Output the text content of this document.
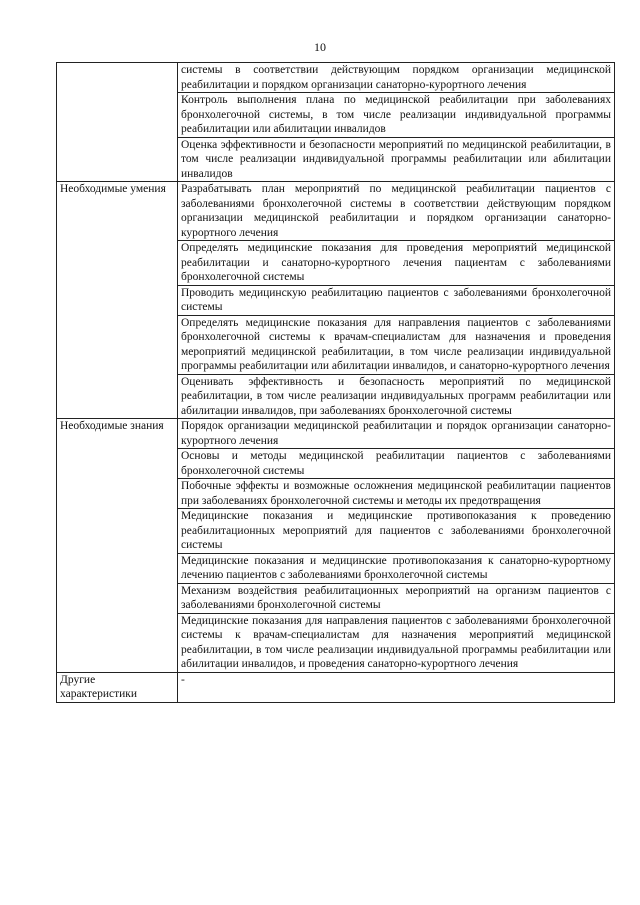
10
	системы в соответствии действующим порядком организации медицинской реабилитации и порядком организации санаторно-курортного лечения
	Контроль выполнения плана по медицинской реабилитации при заболеваниях бронхолегочной системы, в том числе реализации индивидуальной программы реабилитации или абилитации инвалидов
	Оценка эффективности и безопасности мероприятий по медицинской реабилитации, в том числе реализации индивидуальной программы реабилитации или абилитации инвалидов
Необходимые умения	Разрабатывать план мероприятий по медицинской реабилитации пациентов с заболеваниями бронхолегочной системы в соответствии действующим порядком организации медицинской реабилитации и порядком организации санаторно-курортного лечения
	Определять медицинские показания для проведения мероприятий медицинской реабилитации и санаторно-курортного лечения пациентам с заболеваниями бронхолегочной системы
	Проводить медицинскую реабилитацию пациентов с заболеваниями бронхолегочной системы
	Определять медицинские показания для направления пациентов с заболеваниями бронхолегочной системы к врачам-специалистам для назначения и проведения мероприятий медицинской реабилитации, в том числе реализации индивидуальной программы реабилитации или абилитации инвалидов, и санаторно-курортного лечения
	Оценивать эффективность и безопасность мероприятий по медицинской реабилитации, в том числе реализации индивидуальных программ реабилитации или абилитации инвалидов, при заболеваниях бронхолегочной системы
Необходимые знания	Порядок организации медицинской реабилитации и порядок организации санаторно-курортного лечения
	Основы и методы медицинской реабилитации пациентов с заболеваниями бронхолегочной системы
	Побочные эффекты и возможные осложнения медицинской реабилитации пациентов при заболеваниях бронхолегочной системы и методы их предотвращения
	Медицинские показания и медицинские противопоказания к проведению реабилитационных мероприятий для пациентов с заболеваниями бронхолегочной системы
	Медицинские показания и медицинские противопоказания к санаторно-курортному лечению пациентов с заболеваниями бронхолегочной системы
	Механизм воздействия реабилитационных мероприятий на организм пациентов с заболеваниями бронхолегочной системы
	Медицинские показания для направления пациентов с заболеваниями бронхолегочной системы к врачам-специалистам для назначения мероприятий медицинской реабилитации, в том числе реализации индивидуальной программы реабилитации или абилитации инвалидов, и проведения санаторно-курортного лечения
Другие характеристики	-
